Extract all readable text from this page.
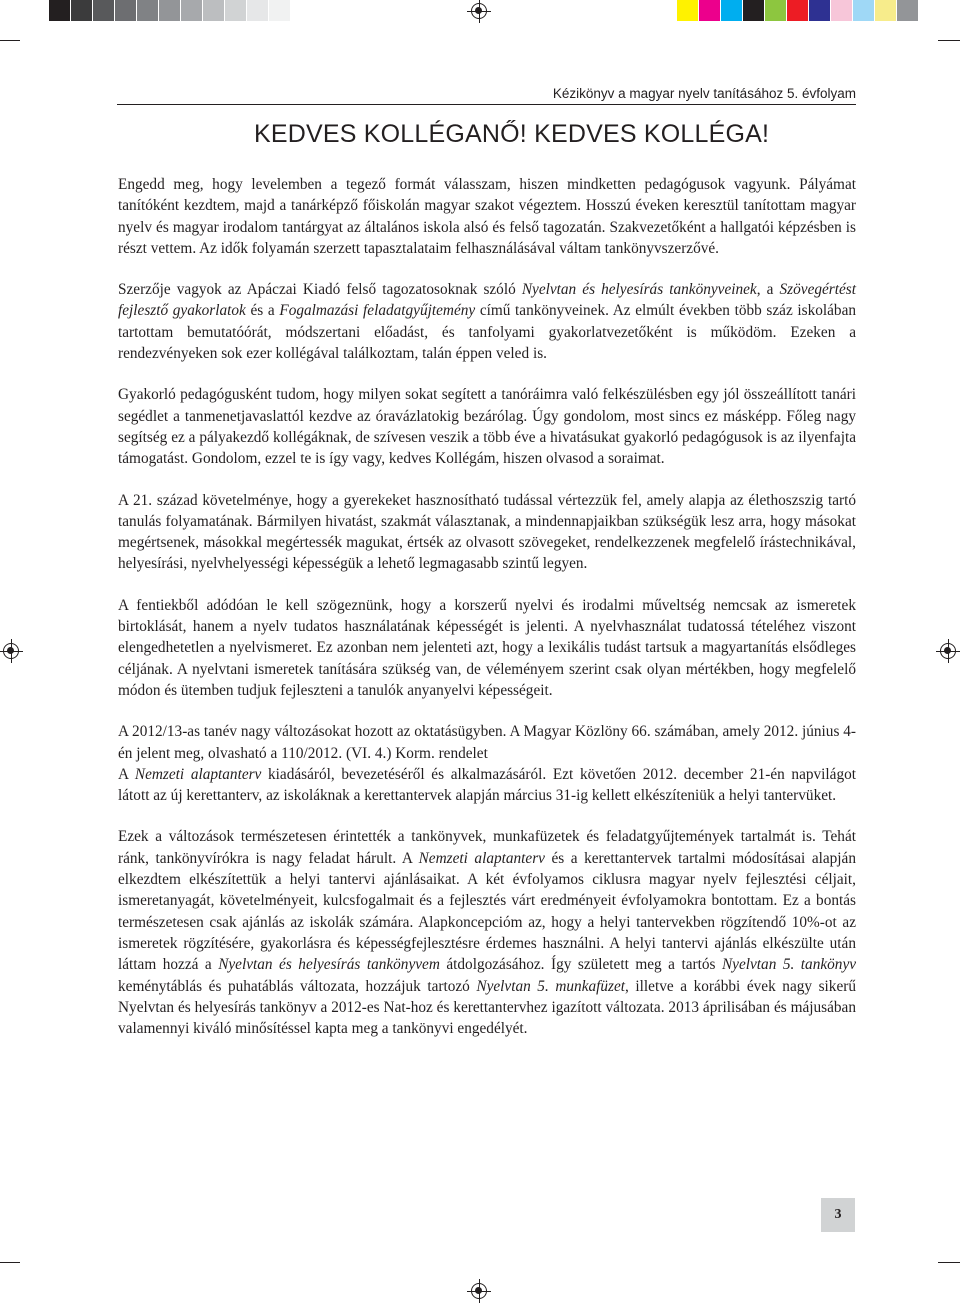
Kézikönyv a magyar nyelv tanításához 5. évfolyam
KEDVES KOLLÉGANŐ! KEDVES KOLLÉGA!

Engedd meg, hogy levelemben a tegező formát válasszam, hiszen mindketten pedagógusok vagyunk. Pályámat tanítóként kezdtem, majd a tanárképző főiskolán magyar szakot végeztem. Hosszú éveken keresztül tanítottam magyar nyelv és magyar irodalom tantárgyat az általános iskola alsó és felső tagozatán. Szakvezetőként a hallgatói képzésben is részt vettem. Az idők folyamán szerzett tapasztalataim felhasználásával váltam tankönyvszerzővé.

Szerzője vagyok az Apáczai Kiadó felső tagozatosoknak szóló Nyelvtan és helyesírás tankönyveinek, a Szövegértést fejlesztő gyakorlatok és a Fogalmazási feladatgyűjtemény című tankönyveinek. Az elmúlt években több száz iskolában tartottam bemutatóórát, módszertani előadást, és tanfolyami gyakorlatvezetőként is működöm. Ezeken a rendezvényeken sok ezer kollégával találkoztam, talán éppen veled is.

Gyakorló pedagógusként tudom, hogy milyen sokat segített a tanóráimra való felkészülésben egy jól összeállított tanári segédlet a tanmenetjavaslattól kezdve az óravázlatokig bezárólag. Úgy gondolom, most sincs ez másképp. Főleg nagy segítség ez a pályakezdő kollégáknak, de szívesen veszik a több éve a hivatásukat gyakorló pedagógusok is az ilyenfajta támogatást. Gondolom, ezzel te is így vagy, kedves Kollégám, hiszen olvasod a soraimat.

A 21. század követelménye, hogy a gyerekeket hasznosítható tudással vértezzük fel, amely alapja az élethoszszig tartó tanulás folyamatának. Bármilyen hivatást, szakmát választanak, a mindennapjaikban szükségük lesz arra, hogy másokat megértsenek, másokkal megértessék magukat, értsék az olvasott szövegeket, rendelkezzenek megfelelő írástechnikával, helyesírási, nyelvhelyességi képességük a lehető legmagasabb szintű legyen.

A fentiekből adódóan le kell szögeznünk, hogy a korszerű nyelvi és irodalmi műveltség nemcsak az ismeretek birtoklását, hanem a nyelv tudatos használatának képességét is jelenti. A nyelvhasználat tudatossá tételéhez viszont elengedhetetlen a nyelvismeret. Ez azonban nem jelenteti azt, hogy a lexikális tudást tartsuk a magyartanítás elsődleges céljának. A nyelvtani ismeretek tanítására szükség van, de véleményem szerint csak olyan mértékben, hogy megfelelő módon és ütemben tudjuk fejleszteni a tanulók anyanyelvi képességeit.

A 2012/13-as tanév nagy változásokat hozott az oktatásügyben. A Magyar Közlöny 66. számában, amely 2012. június 4-én jelent meg, olvasható a 110/2012. (VI. 4.) Korm. rendelet
A Nemzeti alaptanterv kiadásáról, bevezetéséről és alkalmazásáról. Ezt követően 2012. december 21-én napvilágot látott az új kerettanterv, az iskoláknak a kerettantervek alapján március 31-ig kellett elkészíteniük a helyi tantervüket.

Ezek a változások természetesen érintették a tankönyvek, munkafüzetek és feladatgyűjtemények tartalmát is. Tehát ránk, tankönyvírókra is nagy feladat hárult. A Nemzeti alaptanterv és a kerettantervek tartalmi módosításai alapján elkezdtem elkészítettük a helyi tantervi ajánlásaikat. A két évfolyamos ciklusra magyar nyelv fejlesztési céljait, ismeretanyagát, követelményeit, kulcsfogalmait és a fejlesztés várt eredményeit évfolyamokra bontottam. Ez a bontás természetesen csak ajánlás az iskolák számára. Alapkoncepcióm az, hogy a helyi tantervekben rögzítendő 10%-ot az ismeretek rögzítésére, gyakorlásra és képességfejlesztésre érdemes használni. A helyi tantervi ajánlás elkészülte után láttam hozzá a Nyelvtan és helyesírás tankönyvem átdolgozásához. Így született meg a tartós Nyelvtan 5. tankönyv keménytáblás és puhatáblás változata, hozzájuk tartozó Nyelvtan 5. munkafüzet, illetve a korábbi évek nagy sikerű Nyelvtan és helyesírás tankönyv a 2012-es Nat-hoz és kerettantervhez igazított változata. 2013 áprilisában és májusában valamennyi kiváló minősítéssel kapta meg a tankönyvi engedélyét.

3
